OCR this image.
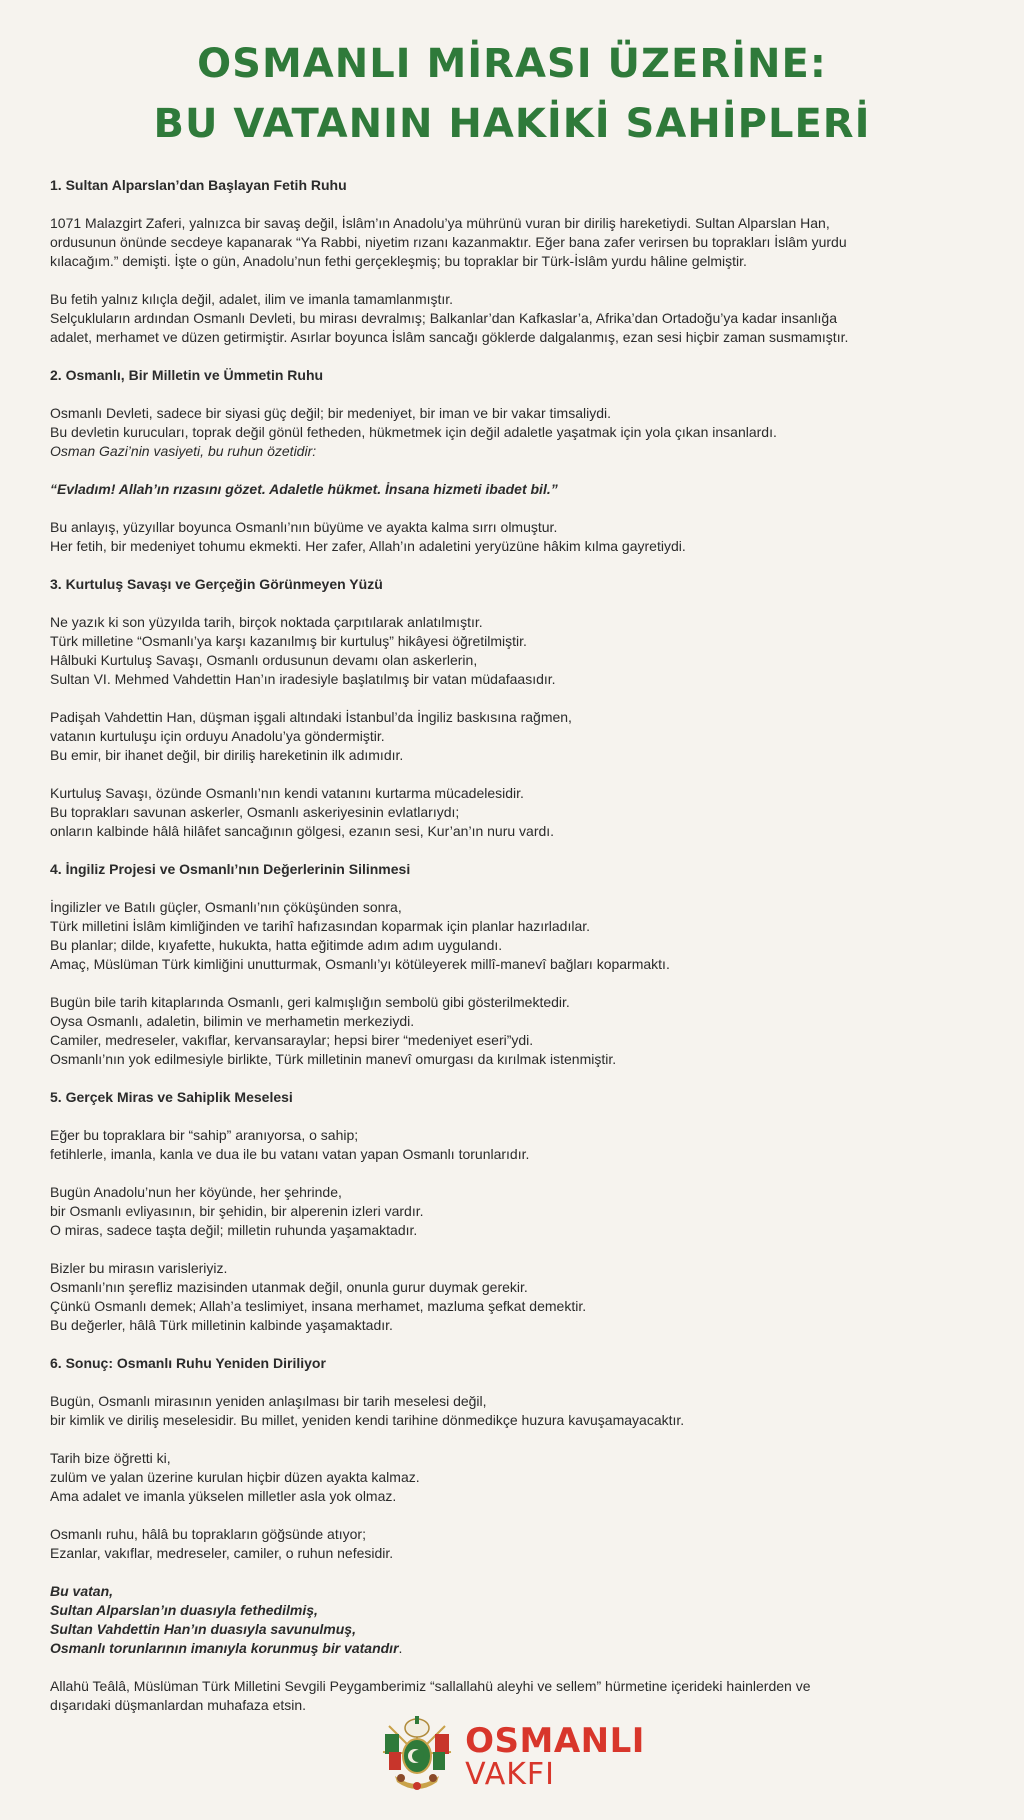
OSMANLI MİRASI ÜZERİNE:
BU VATANIN HAKİKİ SAHİPLERİ

1. Sultan Alparslan’dan Başlayan Fetih Ruhu

1071 Malazgirt Zaferi, yalnızca bir savaş değil, İslâm’ın Anadolu’ya mührünü vuran bir diriliş hareketiydi. Sultan Alparslan Han,
ordusunun önünde secdeye kapanarak “Ya Rabbi, niyetim rızanı kazanmaktır. Eğer bana zafer verirsen bu toprakları İslâm yurdu
kılacağım.” demişti. İşte o gün, Anadolu’nun fethi gerçekleşmiş; bu topraklar bir Türk-İslâm yurdu hâline gelmiştir.

Bu fetih yalnız kılıçla değil, adalet, ilim ve imanla tamamlanmıştır.
Selçukluların ardından Osmanlı Devleti, bu mirası devralmış; Balkanlar’dan Kafkaslar’a, Afrika’dan Ortadoğu’ya kadar insanlığa
adalet, merhamet ve düzen getirmiştir. Asırlar boyunca İslâm sancağı göklerde dalgalanmış, ezan sesi hiçbir zaman susmamıştır.

2. Osmanlı, Bir Milletin ve Ümmetin Ruhu

Osmanlı Devleti, sadece bir siyasi güç değil; bir medeniyet, bir iman ve bir vakar timsaliydi.
Bu devletin kurucuları, toprak değil gönül fetheden, hükmetmek için değil adaletle yaşatmak için yola çıkan insanlardı.
Osman Gazi’nin vasiyeti, bu ruhun özetidir:

“Evladım! Allah’ın rızasını gözet. Adaletle hükmet. İnsana hizmeti ibadet bil.”

Bu anlayış, yüzyıllar boyunca Osmanlı’nın büyüme ve ayakta kalma sırrı olmuştur.
Her fetih, bir medeniyet tohumu ekmekti. Her zafer, Allah’ın adaletini yeryüzüne hâkim kılma gayretiydi.

3. Kurtuluş Savaşı ve Gerçeğin Görünmeyen Yüzü

Ne yazık ki son yüzyılda tarih, birçok noktada çarpıtılarak anlatılmıştır.
Türk milletine “Osmanlı’ya karşı kazanılmış bir kurtuluş” hikâyesi öğretilmiştir.
Hâlbuki Kurtuluş Savaşı, Osmanlı ordusunun devamı olan askerlerin,
Sultan VI. Mehmed Vahdettin Han’ın iradesiyle başlatılmış bir vatan müdafaasıdır.

Padişah Vahdettin Han, düşman işgali altındaki İstanbul’da İngiliz baskısına rağmen,
vatanın kurtuluşu için orduyu Anadolu’ya göndermiştir.
Bu emir, bir ihanet değil, bir diriliş hareketinin ilk adımıdır.

Kurtuluş Savaşı, özünde Osmanlı’nın kendi vatanını kurtarma mücadelesidir.
Bu toprakları savunan askerler, Osmanlı askeriyesinin evlatlarıydı;
onların kalbinde hâlâ hilâfet sancağının gölgesi, ezanın sesi, Kur’an’ın nuru vardı.

4. İngiliz Projesi ve Osmanlı’nın Değerlerinin Silinmesi

İngilizler ve Batılı güçler, Osmanlı’nın çöküşünden sonra,
Türk milletini İslâm kimliğinden ve tarihî hafızasından koparmak için planlar hazırladılar.
Bu planlar; dilde, kıyafette, hukukta, hatta eğitimde adım adım uygulandı.
Amaç, Müslüman Türk kimliğini unutturmak, Osmanlı’yı kötüleyerek millî-manevî bağları koparmaktı.

Bugün bile tarih kitaplarında Osmanlı, geri kalmışlığın sembolü gibi gösterilmektedir.
Oysa Osmanlı, adaletin, bilimin ve merhametin merkeziydi.
Camiler, medreseler, vakıflar, kervansaraylar; hepsi birer “medeniyet eseri”ydi.
Osmanlı’nın yok edilmesiyle birlikte, Türk milletinin manevî omurgası da kırılmak istenmiştir.

5. Gerçek Miras ve Sahiplik Meselesi

Eğer bu topraklara bir “sahip” aranıyorsa, o sahip;
fetihlerle, imanla, kanla ve dua ile bu vatanı vatan yapan Osmanlı torunlarıdır.

Bugün Anadolu’nun her köyünde, her şehrinde,
bir Osmanlı evliyasının, bir şehidin, bir alperenin izleri vardır.
O miras, sadece taşta değil; milletin ruhunda yaşamaktadır.

Bizler bu mirasın varisleriyiz.
Osmanlı’nın şerefliz mazisinden utanmak değil, onunla gurur duymak gerekir.
Çünkü Osmanlı demek; Allah’a teslimiyet, insana merhamet, mazluma şefkat demektir.
Bu değerler, hâlâ Türk milletinin kalbinde yaşamaktadır.

6. Sonuç: Osmanlı Ruhu Yeniden Diriliyor

Bugün, Osmanlı mirasının yeniden anlaşılması bir tarih meselesi değil,
bir kimlik ve diriliş meselesidir. Bu millet, yeniden kendi tarihine dönmedikçe huzura kavuşamayacaktır.

Tarih bize öğretti ki,
zulüm ve yalan üzerine kurulan hiçbir düzen ayakta kalmaz.
Ama adalet ve imanla yükselen milletler asla yok olmaz.

Osmanlı ruhu, hâlâ bu toprakların göğsünde atıyor;
Ezanlar, vakıflar, medreseler, camiler, o ruhun nefesidir.

Bu vatan,
Sultan Alparslan’ın duasıyla fethedilmiş,
Sultan Vahdettin Han’ın duasıyla savunulmuş,
Osmanlı torunlarının imanıyla korunmuş bir vatandır.

Allahü Teâlâ, Müslüman Türk Milletini Sevgili Peygamberimiz “sallallahü aleyhi ve sellem” hürmetine içerideki hainlerden ve
dışarıdaki düşmanlardan muhafaza etsin.

OSMANLI
VAKFI
